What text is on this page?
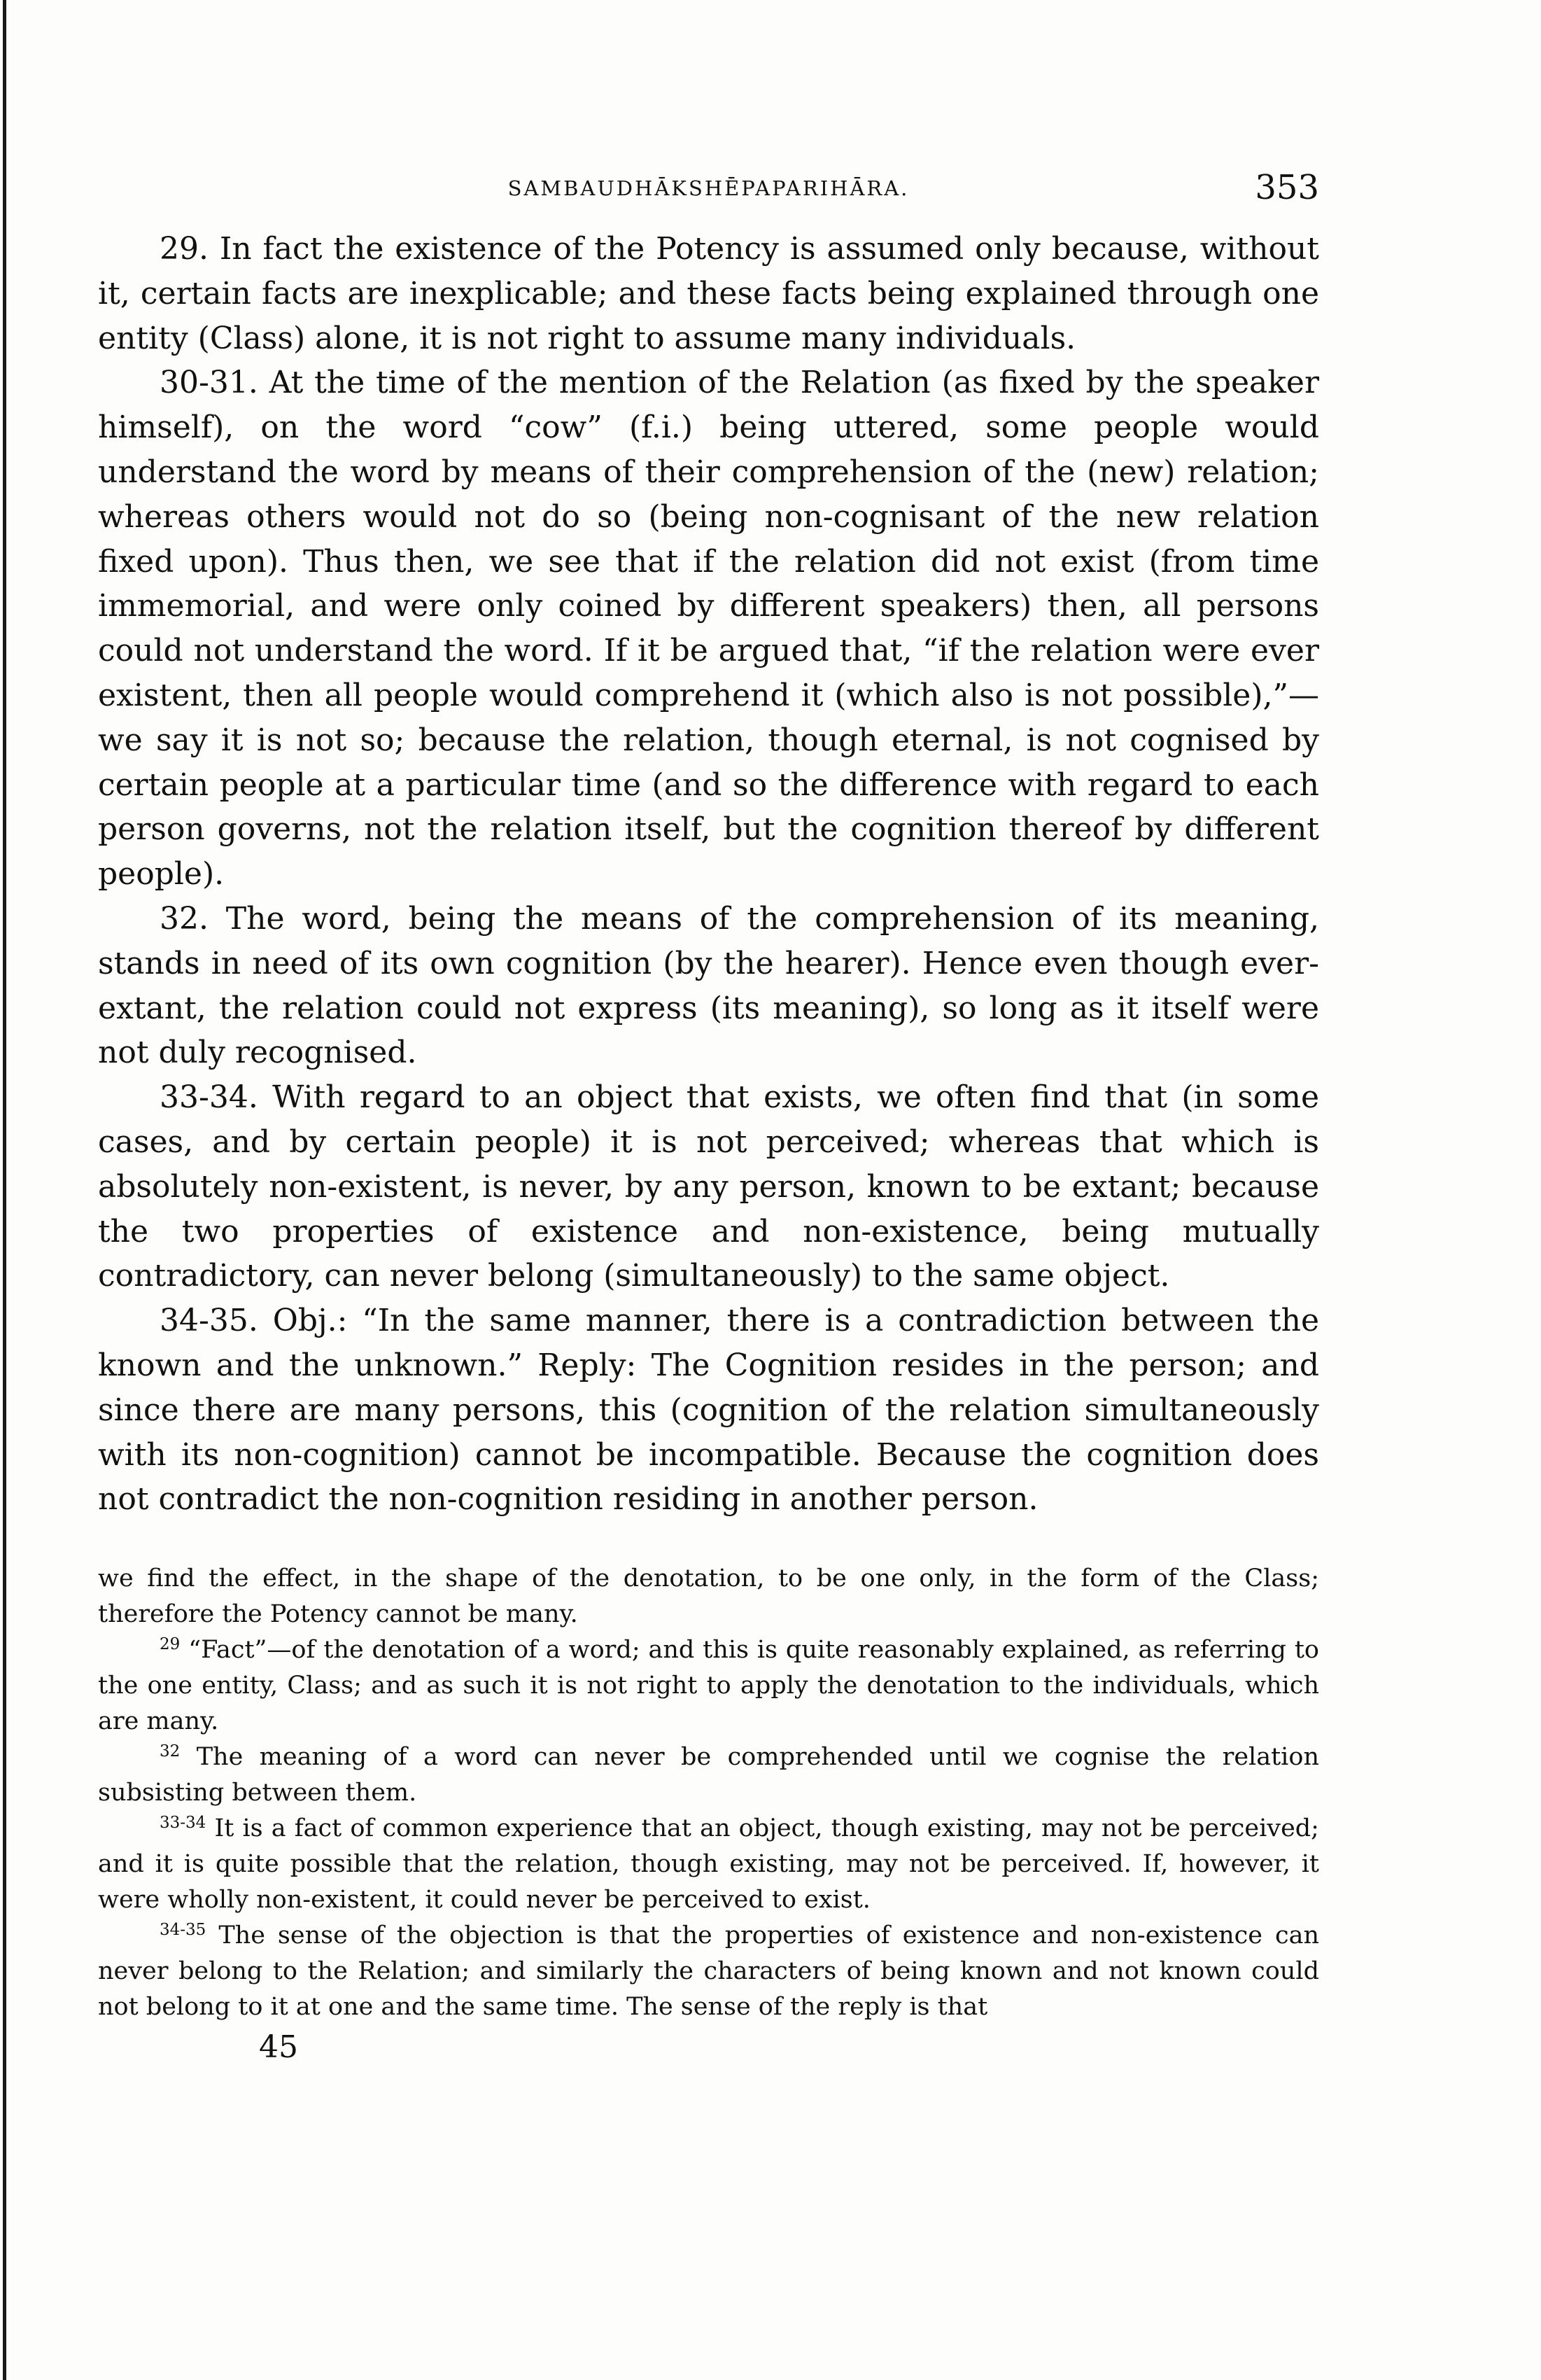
SAMBAUDHĀKSHĒPAPARIHĀRA.	353

29. In fact the existence of the Potency is assumed only because, without it, certain facts are inexplicable; and these facts being explained through one entity (Class) alone, it is not right to assume many individuals.

30-31. At the time of the mention of the Relation (as fixed by the speaker himself), on the word “cow” (f.i.) being uttered, some people would understand the word by means of their comprehension of the (new) relation; whereas others would not do so (being non-cognisant of the new relation fixed upon). Thus then, we see that if the relation did not exist (from time immemorial, and were only coined by different speakers) then, all persons could not understand the word. If it be argued that, “if the relation were ever existent, then all people would comprehend it (which also is not possible),”—we say it is not so; because the relation, though eternal, is not cognised by certain people at a particular time (and so the difference with regard to each person governs, not the relation itself, but the cognition thereof by different people).

32. The word, being the means of the comprehension of its meaning, stands in need of its own cognition (by the hearer). Hence even though ever-extant, the relation could not express (its meaning), so long as it itself were not duly recognised.

33-34. With regard to an object that exists, we often find that (in some cases, and by certain people) it is not perceived; whereas that which is absolutely non-existent, is never, by any person, known to be extant; because the two properties of existence and non-existence, being mutually contradictory, can never belong (simultaneously) to the same object.

34-35. Obj.: “In the same manner, there is a contradiction between the known and the unknown.” Reply: The Cognition resides in the person; and since there are many persons, this (cognition of the relation simultaneously with its non-cognition) cannot be incompatible. Because the cognition does not contradict the non-cognition residing in another person.

we find the effect, in the shape of the denotation, to be one only, in the form of the Class; therefore the Potency cannot be many.

$^{29}$ “Fact”—of the denotation of a word; and this is quite reasonably explained, as referring to the one entity, Class; and as such it is not right to apply the denotation to the individuals, which are many.

$^{32}$ The meaning of a word can never be comprehended until we cognise the relation subsisting between them.

$^{33-34}$ It is a fact of common experience that an object, though existing, may not be perceived; and it is quite possible that the relation, though existing, may not be perceived. If, however, it were wholly non-existent, it could never be perceived to exist.

$^{34-35}$ The sense of the objection is that the properties of existence and non-existence can never belong to the Relation; and similarly the characters of being known and not known could not belong to it at one and the same time. The sense of the reply is that

45
